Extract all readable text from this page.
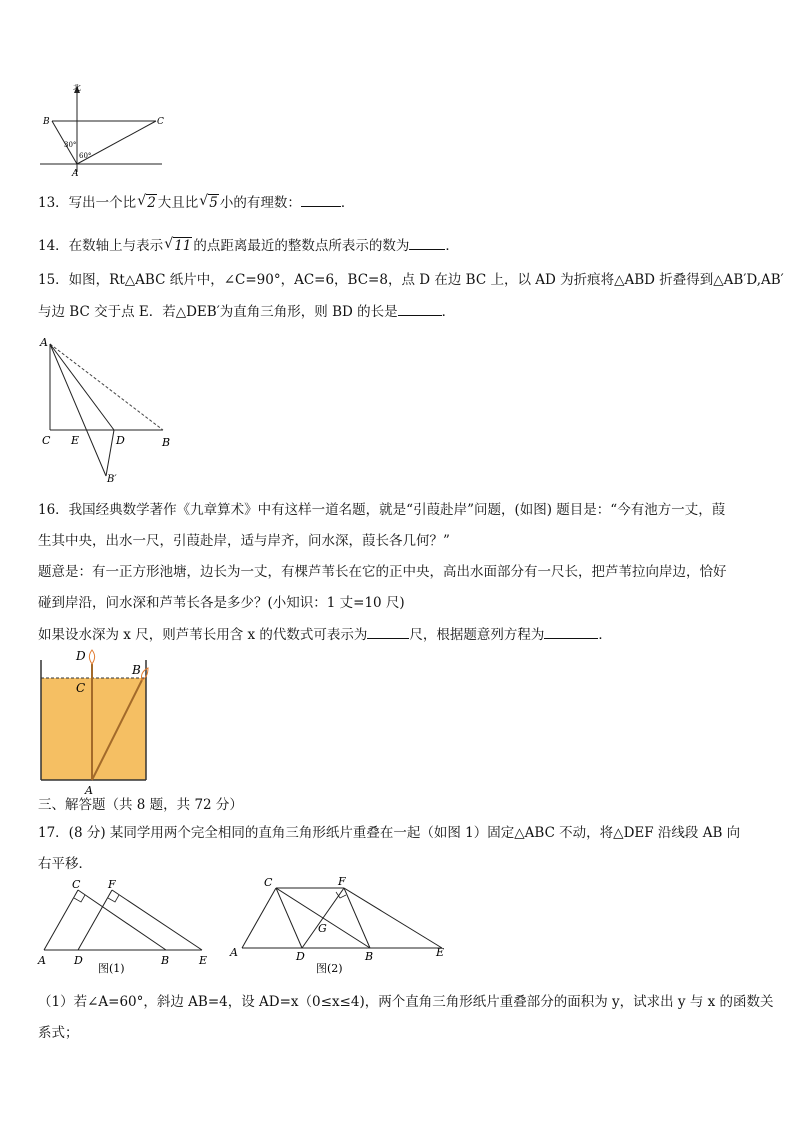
北
B	C
A
30°
60°
13．写出一个比 √ 2 大且比 √ 5 小的有理数：	．
14．在数轴上与表示 √ 11 的点距离最近的整数点所表示的数为	．
15．如图，Rt△ABC 纸片中，∠C=90°，AC=6，BC=8，点 D 在边 BC 上，以 AD 为折痕将△ABD 折叠得到△AB′D,AB′
与边 BC 交于点 E．若△DEB′为直角三角形，则 BD 的长是	．
A
C E	D	B
B′
16．我国经典数学著作《九章算术》中有这样一道名题，就是“引葭赴岸”问题，(如图) 题目是：“今有池方一丈，葭
生其中央，出水一尺，引葭赴岸，适与岸齐，问水深，葭长各几何？”
题意是：有一正方形池塘，边长为一丈，有棵芦苇长在它的正中央，高出水面部分有一尺长，把芦苇拉向岸边，恰好
碰到岸沿，问水深和芦苇长各是多少？(小知识：1 丈=10 尺)
如果设水深为 x 尺，则芦苇长用含 x 的代数式可表示为	尺，根据题意列方程为	．
D
C
B
A
三、解答题（共 8 题，共 72 分）
17．(8 分) 某同学用两个完全相同的直角三角形纸片重叠在一起（如图 1）固定△ABC 不动，将△DEF 沿线段 AB 向
右平移．
C	F
A	D	B	E
图(1)
C	F
G
A	D	B	E
图(2)
（1）若∠A=60°，斜边 AB=4，设 AD=x（0≤x≤4)，两个直角三角形纸片重叠部分的面积为 y，试求出 y 与 x 的函数关
系式；
